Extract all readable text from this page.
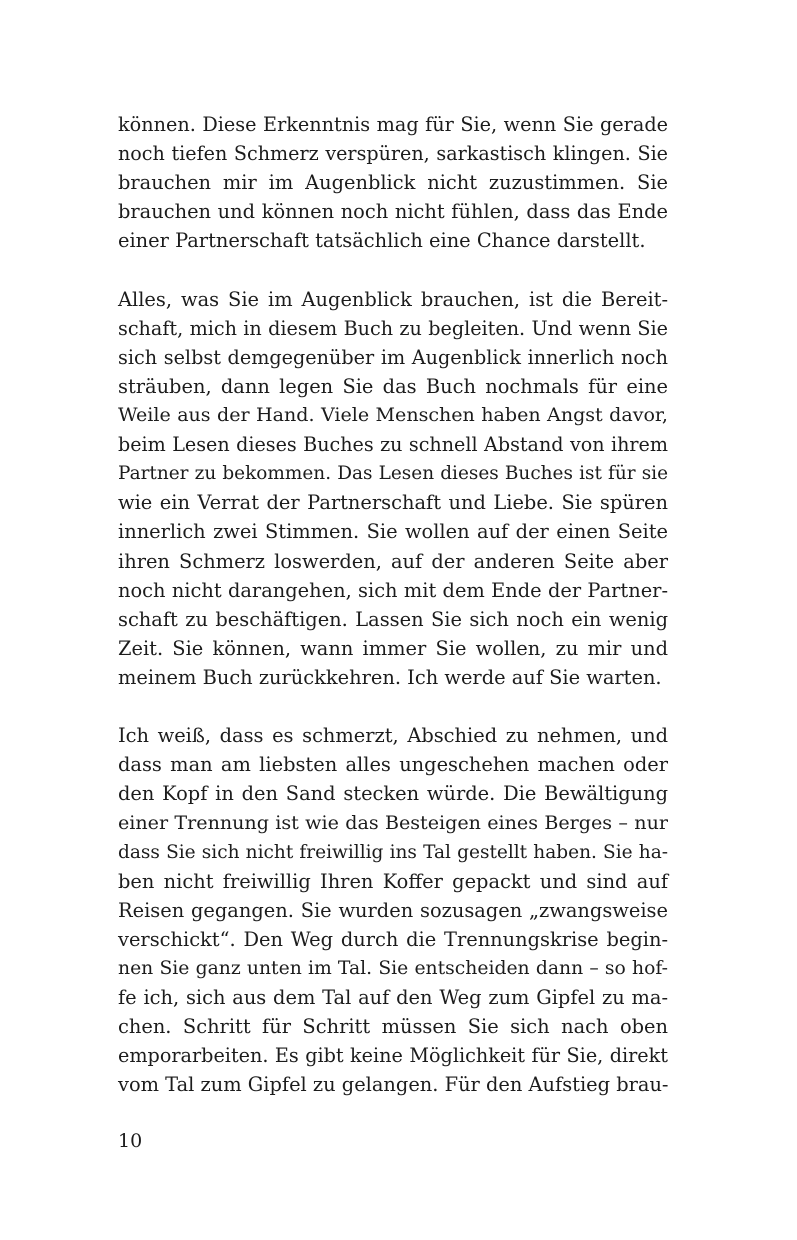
können. Diese Erkenntnis mag für Sie, wenn Sie gerade
noch tiefen Schmerz verspüren, sarkastisch klingen. Sie
brauchen mir im Augenblick nicht zuzustimmen. Sie
brauchen und können noch nicht fühlen, dass das Ende
einer Partnerschaft tatsächlich eine Chance darstellt.
Alles, was Sie im Augenblick brauchen, ist die Bereit-
schaft, mich in diesem Buch zu begleiten. Und wenn Sie
sich selbst demgegenüber im Augenblick innerlich noch
sträuben, dann legen Sie das Buch nochmals für eine
Weile aus der Hand. Viele Menschen haben Angst davor,
beim Lesen dieses Buches zu schnell Abstand von ihrem
Partner zu bekommen. Das Lesen dieses Buches ist für sie
wie ein Verrat der Partnerschaft und Liebe. Sie spüren
innerlich zwei Stimmen. Sie wollen auf der einen Seite
ihren Schmerz loswerden, auf der anderen Seite aber
noch nicht darangehen, sich mit dem Ende der Partner-
schaft zu beschäftigen. Lassen Sie sich noch ein wenig
Zeit. Sie können, wann immer Sie wollen, zu mir und
meinem Buch zurückkehren. Ich werde auf Sie warten.
Ich weiß, dass es schmerzt, Abschied zu nehmen, und
dass man am liebsten alles ungeschehen machen oder
den Kopf in den Sand stecken würde. Die Bewältigung
einer Trennung ist wie das Besteigen eines Berges – nur
dass Sie sich nicht freiwillig ins Tal gestellt haben. Sie ha-
ben nicht freiwillig Ihren Koffer gepackt und sind auf
Reisen gegangen. Sie wurden sozusagen „zwangsweise
verschickt“. Den Weg durch die Trennungskrise begin-
nen Sie ganz unten im Tal. Sie entscheiden dann – so hof-
fe ich, sich aus dem Tal auf den Weg zum Gipfel zu ma-
chen. Schritt für Schritt müssen Sie sich nach oben
emporarbeiten. Es gibt keine Möglichkeit für Sie, direkt
vom Tal zum Gipfel zu gelangen. Für den Aufstieg brau-
10
